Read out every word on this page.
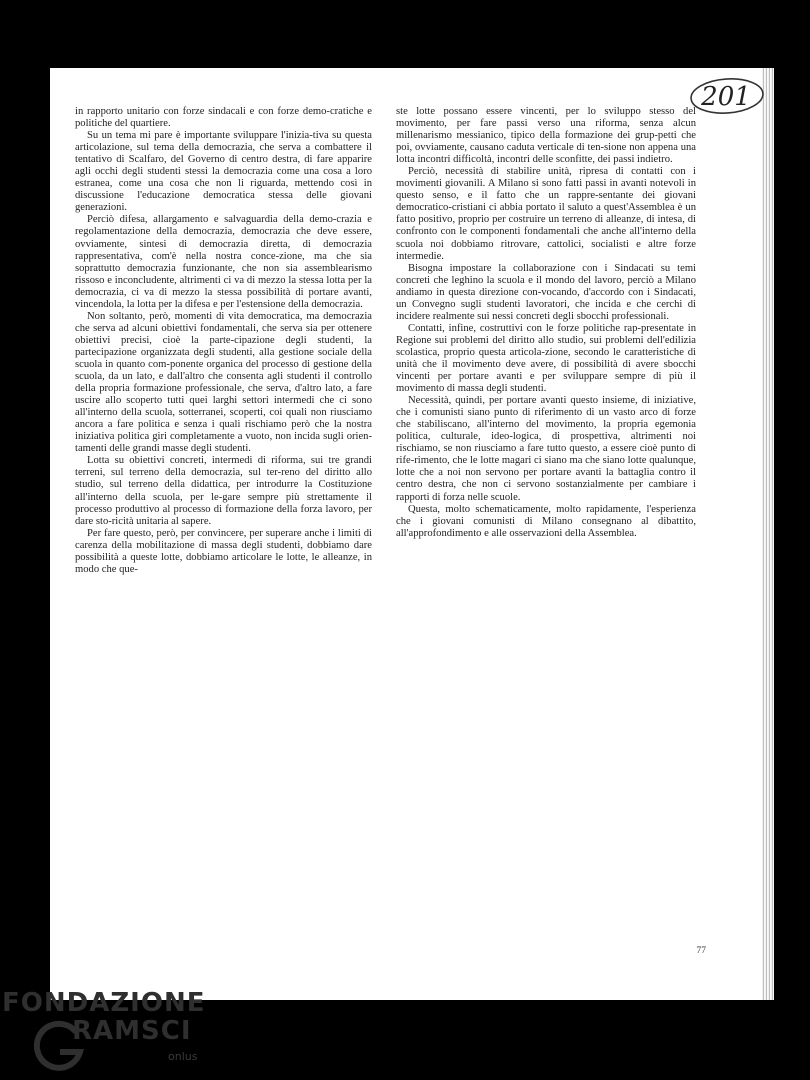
201

in rapporto unitario con forze sindacali e con forze demo-cratiche e politiche del quartiere.

Su un tema mi pare è importante sviluppare l'inizia-tiva su questa articolazione, sul tema della democrazia, che serva a combattere il tentativo di Scalfaro, del Governo di centro destra, di fare apparire agli occhi degli studenti stessi la democrazia come una cosa a loro estranea, come una cosa che non li riguarda, mettendo così in discussione l'educazione democratica stessa delle giovani generazioni.

Perciò difesa, allargamento e salvaguardia della demo-crazia e regolamentazione della democrazia, democrazia che deve essere, ovviamente, sintesi di democrazia diretta, di democrazia rappresentativa, com'è nella nostra conce-zione, ma che sia soprattutto democrazia funzionante, che non sia assemblearismo rissoso e inconcludente, altrimenti ci va di mezzo la stessa lotta per la democrazia, ci va di mezzo la stessa possibilità di portare avanti, vincendola, la lotta per la difesa e per l'estensione della democrazia.

Non soltanto, però, momenti di vita democratica, ma democrazia che serva ad alcuni obiettivi fondamentali, che serva sia per ottenere obiettivi precisi, cioè la parte-cipazione degli studenti, la partecipazione organizzata degli studenti, alla gestione sociale della scuola in quanto com-ponente organica del processo di gestione della scuola, da un lato, e dall'altro che consenta agli studenti il controllo della propria formazione professionale, che serva, d'altro lato, a fare uscire allo scoperto tutti quei larghi settori intermedi che ci sono all'interno della scuola, sotterranei, scoperti, coi quali non riusciamo ancora a fare politica e senza i quali rischiamo però che la nostra iniziativa politica giri completamente a vuoto, non incida sugli orien-tamenti delle grandi masse degli studenti.

Lotta su obiettivi concreti, intermedi di riforma, sui tre grandi terreni, sul terreno della democrazia, sul ter-reno del diritto allo studio, sul terreno della didattica, per introdurre la Costituzione all'interno della scuola, per le-gare sempre più strettamente il processo produttivo al processo di formazione della forza lavoro, per dare sto-ricità unitaria al sapere.

Per fare questo, però, per convincere, per superare anche i limiti di carenza della mobilitazione di massa degli studenti, dobbiamo dare possibilità a queste lotte, dobbiamo articolare le lotte, le alleanze, in modo che que-

ste lotte possano essere vincenti, per lo sviluppo stesso del movimento, per fare passi verso una riforma, senza alcun millenarismo messianico, tipico della formazione dei grup-petti che poi, ovviamente, causano caduta verticale di ten-sione non appena una lotta incontri difficoltà, incontri delle sconfitte, dei passi indietro.

Perciò, necessità di stabilire unità, ripresa di contatti con i movimenti giovanili. A Milano si sono fatti passi in avanti notevoli in questo senso, e il fatto che un rappre-sentante dei giovani democratico-cristiani ci abbia portato il saluto a quest'Assemblea è un fatto positivo, proprio per costruire un terreno di alleanze, di intesa, di confronto con le componenti fondamentali che anche all'interno della scuola noi dobbiamo ritrovare, cattolici, socialisti e altre forze intermedie.

Bisogna impostare la collaborazione con i Sindacati su temi concreti che leghino la scuola e il mondo del lavoro, perciò a Milano andiamo in questa direzione con-vocando, d'accordo con i Sindacati, un Convegno sugli studenti lavoratori, che incida e che cerchi di incidere realmente sui nessi concreti degli sbocchi professionali.

Contatti, infine, costruttivi con le forze politiche rap-presentate in Regione sui problemi del diritto allo studio, sui problemi dell'edilizia scolastica, proprio questa articola-zione, secondo le caratteristiche di unità che il movimento deve avere, di possibilità di avere sbocchi vincenti per portare avanti e per sviluppare sempre di più il movimento di massa degli studenti.

Necessità, quindi, per portare avanti questo insieme, di iniziative, che i comunisti siano punto di riferimento di un vasto arco di forze che stabiliscano, all'interno del movimento, la propria egemonia politica, culturale, ideo-logica, di prospettiva, altrimenti noi rischiamo, se non riusciamo a fare tutto questo, a essere cioè punto di rife-rimento, che le lotte magari ci siano ma che siano lotte qualunque, lotte che a noi non servono per portare avanti la battaglia contro il centro destra, che non ci servono sostanzialmente per cambiare i rapporti di forza nelle scuole.

Questa, molto schematicamente, molto rapidamente, l'esperienza che i giovani comunisti di Milano consegnano al dibattito, all'approfondimento e alle osservazioni della Assemblea.

77
FONDAZIONE
RAMSCI
onlus
